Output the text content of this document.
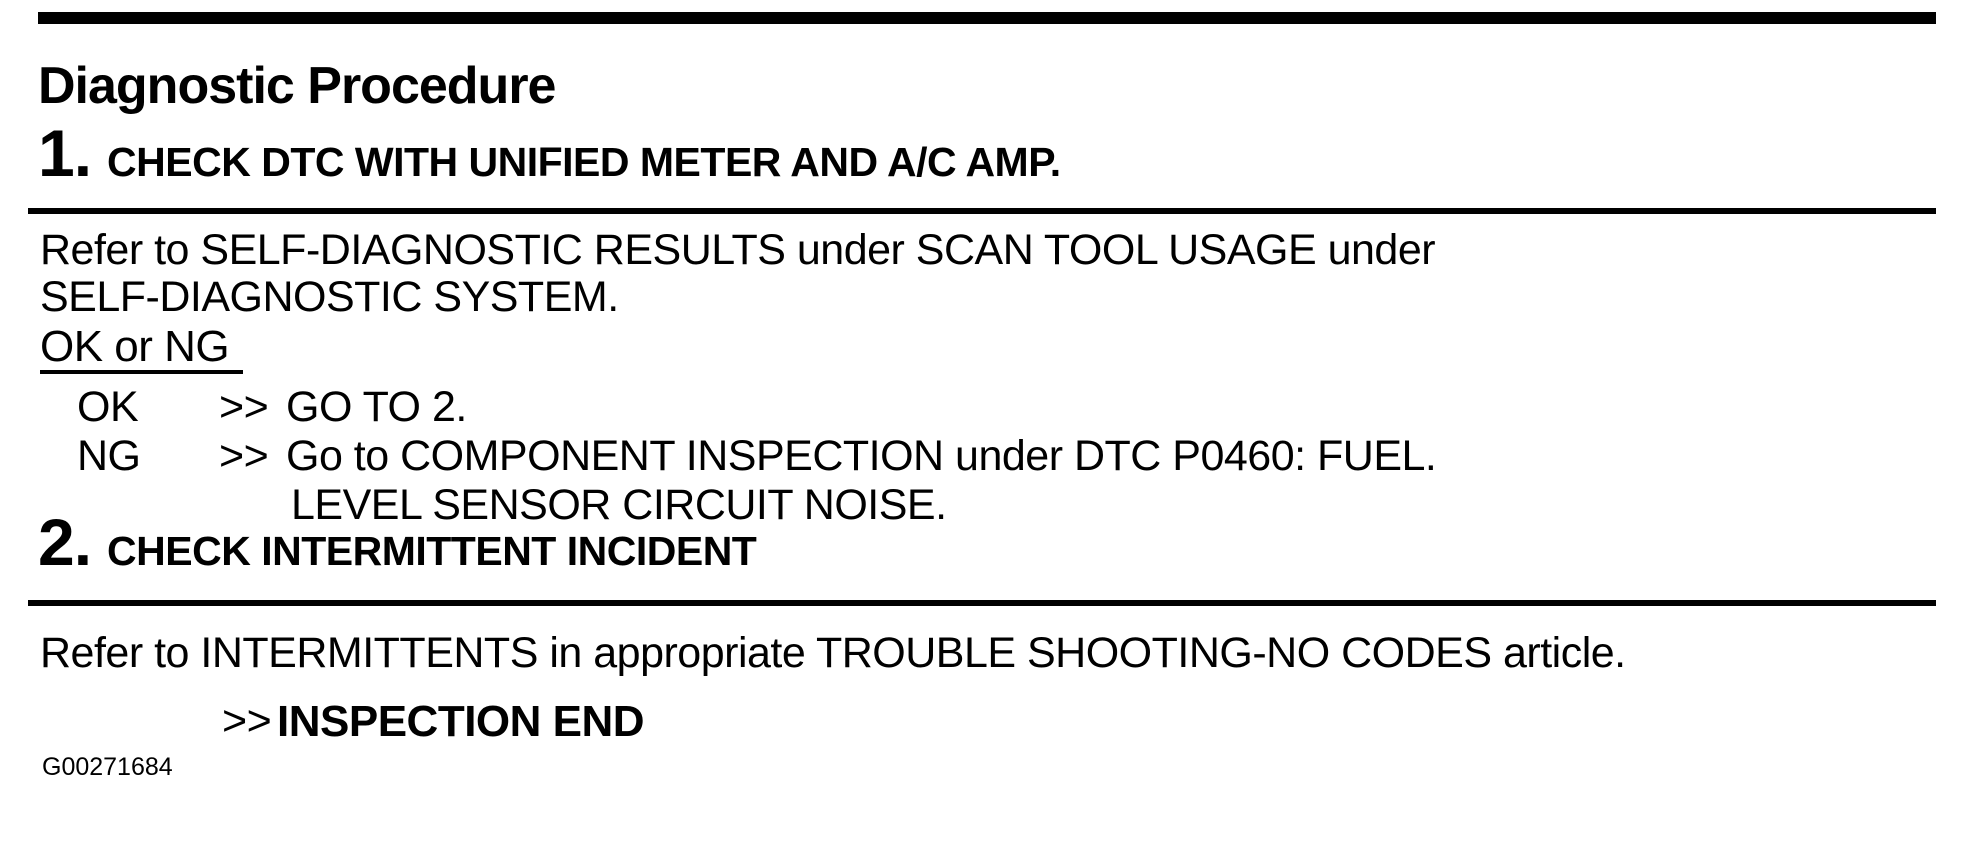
Diagnostic Procedure
1. CHECK DTC WITH UNIFIED METER AND A/C AMP.
Refer to SELF-DIAGNOSTIC RESULTS under SCAN TOOL USAGE under
SELF-DIAGNOSTIC SYSTEM.
OK or NG
OK >> GO TO 2.
NG >> Go to COMPONENT INSPECTION under DTC P0460: FUEL.
LEVEL SENSOR CIRCUIT NOISE.
2. CHECK INTERMITTENT INCIDENT
Refer to INTERMITTENTS in appropriate TROUBLE SHOOTING-NO CODES article.
>> INSPECTION END
G00271684
